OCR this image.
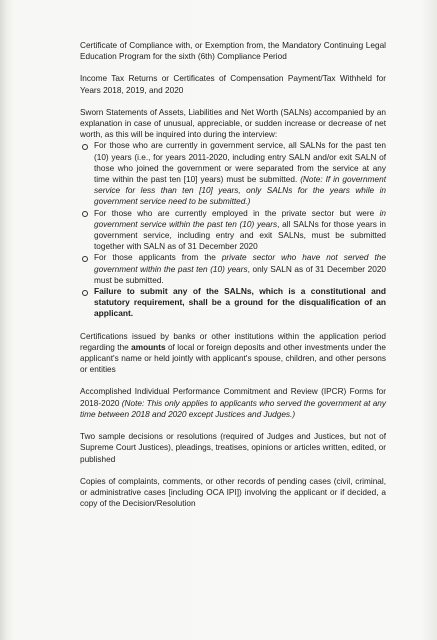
Certificate of Compliance with, or Exemption from, the Mandatory Continuing Legal Education Program for the sixth (6th) Compliance Period

Income Tax Returns or Certificates of Compensation Payment/Tax Withheld for Years 2018, 2019, and 2020

Sworn Statements of Assets, Liabilities and Net Worth (SALNs) accompanied by an explanation in case of unusual, appreciable, or sudden increase or decrease of net worth, as this will be inquired into during the interview:

For those who are currently in government service, all SALNs for the past ten (10) years (i.e., for years 2011-2020, including entry SALN and/or exit SALN of those who joined the government or were separated from the service at any time within the past ten [10] years) must be submitted. (Note: If in government service for less than ten [10] years, only SALNs for the years while in government service need to be submitted.)
For those who are currently employed in the private sector but were in government service within the past ten (10) years, all SALNs for those years in government service, including entry and exit SALNs, must be submitted together with SALN as of 31 December 2020
For those applicants from the private sector who have not served the government within the past ten (10) years, only SALN as of 31 December 2020 must be submitted.
Failure to submit any of the SALNs, which is a constitutional and statutory requirement, shall be a ground for the disqualification of an applicant.

Certifications issued by banks or other institutions within the application period regarding the amounts of local or foreign deposits and other investments under the applicant's name or held jointly with applicant's spouse, children, and other persons or entities

Accomplished Individual Performance Commitment and Review (IPCR) Forms for 2018-2020 (Note: This only applies to applicants who served the government at any time between 2018 and 2020 except Justices and Judges.)

Two sample decisions or resolutions (required of Judges and Justices, but not of Supreme Court Justices), pleadings, treatises, opinions or articles written, edited, or published

Copies of complaints, comments, or other records of pending cases (civil, criminal, or administrative cases [including OCA IPI]) involving the applicant or if decided, a copy of the Decision/Resolution
